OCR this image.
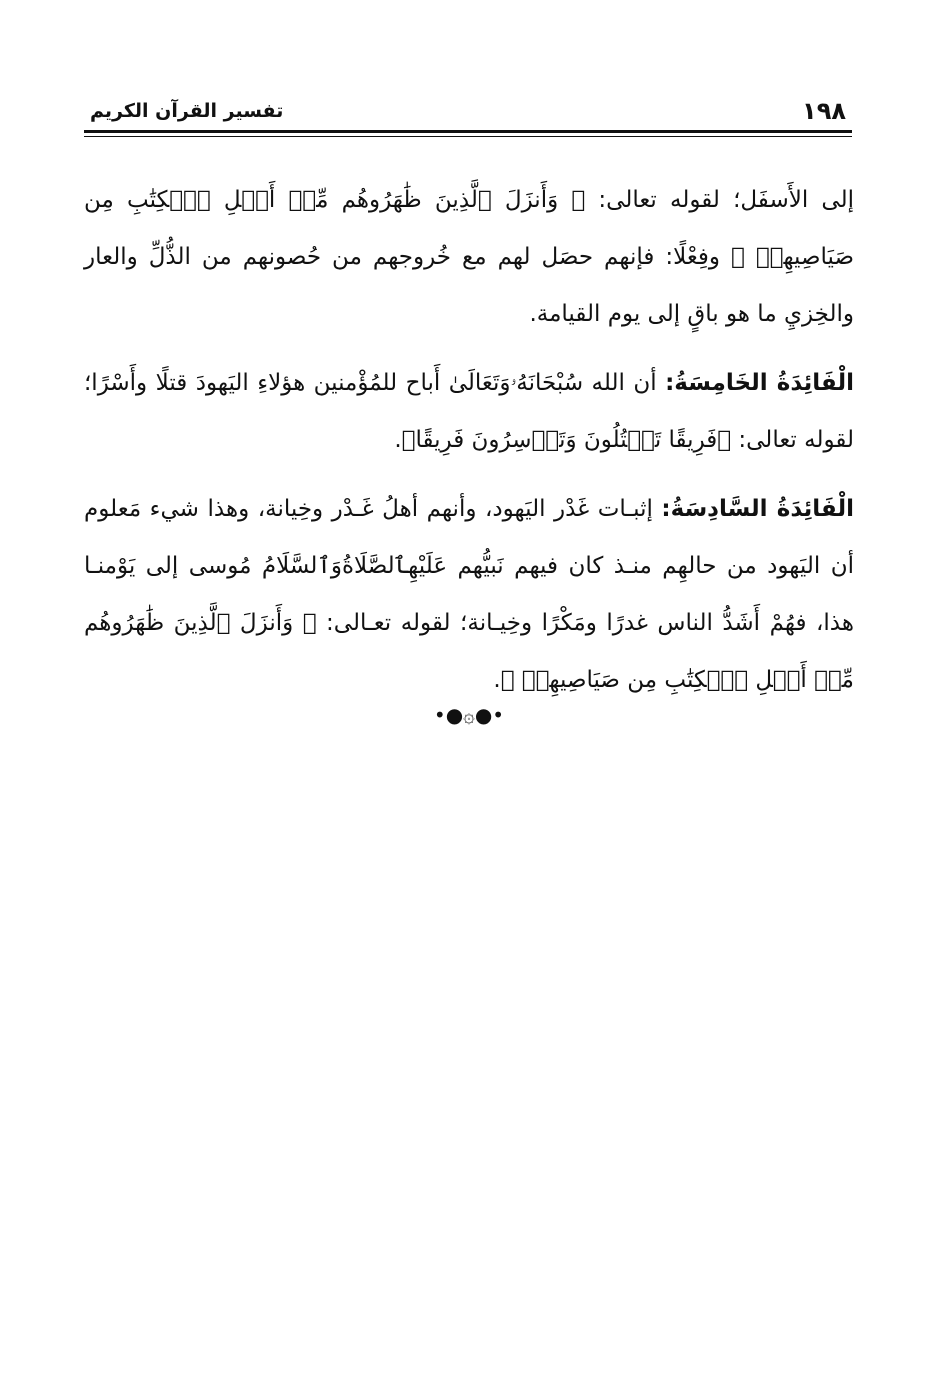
١٩٨
تفسير القرآن الكريم

إلى الأَسفَل؛ لقوله تعالى: ﴿ وَأَنزَلَ ٱلَّذِينَ ظَٰهَرُوهُم مِّنۡ أَهۡلِ ٱلۡكِتَٰبِ مِن صَيَاصِيهِمۡ ﴾ وفِعْلًا: فإنهم حصَل لهم مع خُروجهم من حُصونهم من الذُّلِّ والعار والخِزيِ ما هو باقٍ إلى يوم القيامة.

الْفَائِدَةُ الخَامِسَةُ: أن الله سُبْحَانَهُۥوَتَعَالَىٰ أَباح للمُؤْمنين هؤلاءِ اليَهودَ قتلًا وأَسْرًا؛ لقوله تعالى: ﴿فَرِيقًا تَقۡتُلُونَ وَتَأۡسِرُونَ فَرِيقًا﴾.

الْفَائِدَةُ السَّادِسَةُ: إثبـات غَدْر اليَهود، وأنهم أهلُ غَـدْر وخِيانة، وهذا شيء مَعلوم أن اليَهود من حالهِم منـذ كان فيهم نَبيُّهم عَلَيْهِٱلصَّلَاةُوَٱلسَّلَامُ مُوسى إلى يَوْمنـا هذا، فهُمْ أَشَدُّ الناس غدرًا ومَكْرًا وخِيـانة؛ لقوله تعـالى: ﴿ وَأَنزَلَ ٱلَّذِينَ ظَٰهَرُوهُم مِّنۡ أَهۡلِ ٱلۡكِتَٰبِ مِن صَيَاصِيهِمۡ ﴾.

•●۞●•
